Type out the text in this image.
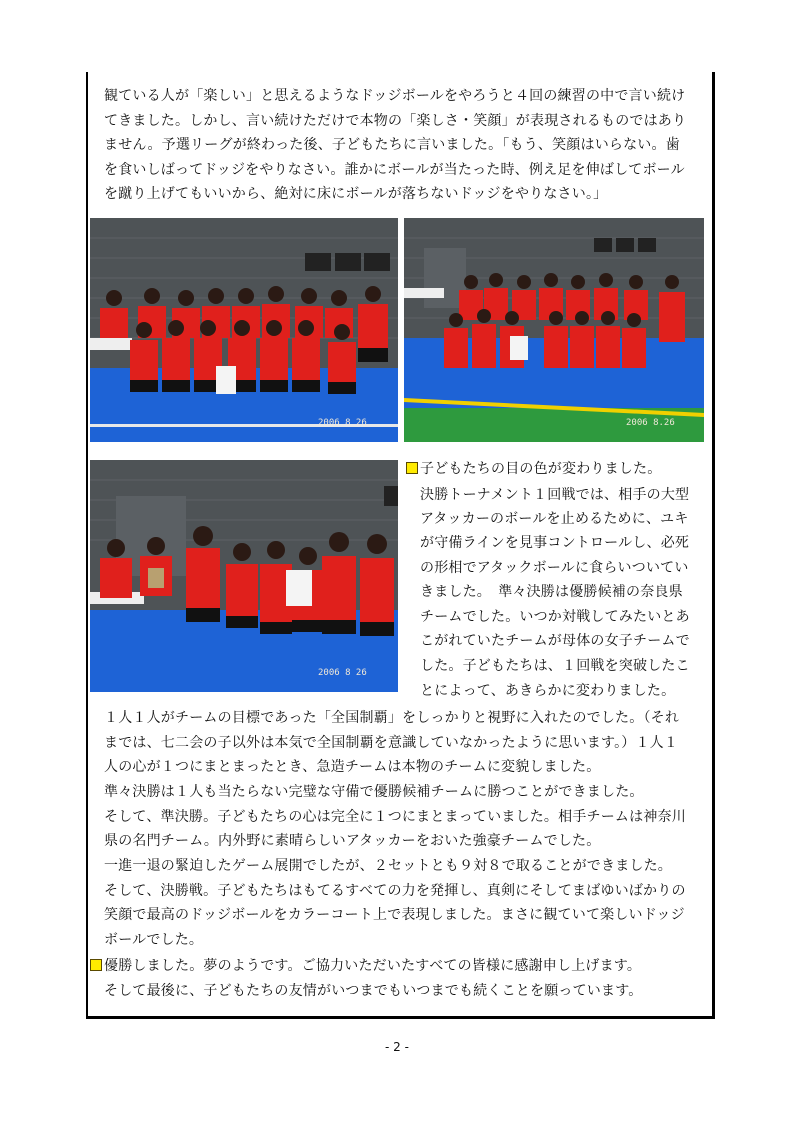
観ている人が「楽しい」と思えるようなドッジボールをやろうと４回の練習の中で言い続け
てきました。しかし、言い続けただけで本物の「楽しさ・笑顔」が表現されるものではあり
ません。予選リーグが終わった後、子どもたちに言いました。「もう、笑顔はいらない。歯
を食いしばってドッジをやりなさい。誰かにボールが当たった時、例え足を伸ばしてボール
を蹴り上げてもいいから、絶対に床にボールが落ちないドッジをやりなさい。」
2006 8 26	2006 8.26
2006 8 26
子どもたちの目の色が変わりました。
決勝トーナメント１回戦では、相手の大型
アタッカーのボールを止めるために、ユキ
が守備ラインを見事コントロールし、必死
の形相でアタックボールに食らいついてい
きました。　準々決勝は優勝候補の奈良県
チームでした。いつか対戦してみたいとあ
こがれていたチームが母体の女子チームで
した。子どもたちは、１回戦を突破したこ
とによって、あきらかに変わりました。
１人１人がチームの目標であった「全国制覇」をしっかりと視野に入れたのでした。（それ
までは、七二会の子以外は本気で全国制覇を意識していなかったように思います。）１人１
人の心が１つにまとまったとき、急造チームは本物のチームに変貌しました。
準々決勝は１人も当たらない完璧な守備で優勝候補チームに勝つことができました。
そして、準決勝。子どもたちの心は完全に１つにまとまっていました。相手チームは神奈川
県の名門チーム。内外野に素晴らしいアタッカーをおいた強豪チームでした。
一進一退の緊迫したゲーム展開でしたが、２セットとも９対８で取ることができました。
そして、決勝戦。子どもたちはもてるすべての力を発揮し、真剣にそしてまばゆいばかりの
笑顔で最高のドッジボールをカラーコート上で表現しました。まさに観ていて楽しいドッジ
ボールでした。
優勝しました。夢のようです。ご協力いただいたすべての皆様に感謝申し上げます。
そして最後に、子どもたちの友情がいつまでもいつまでも続くことを願っています。
- 2 -
